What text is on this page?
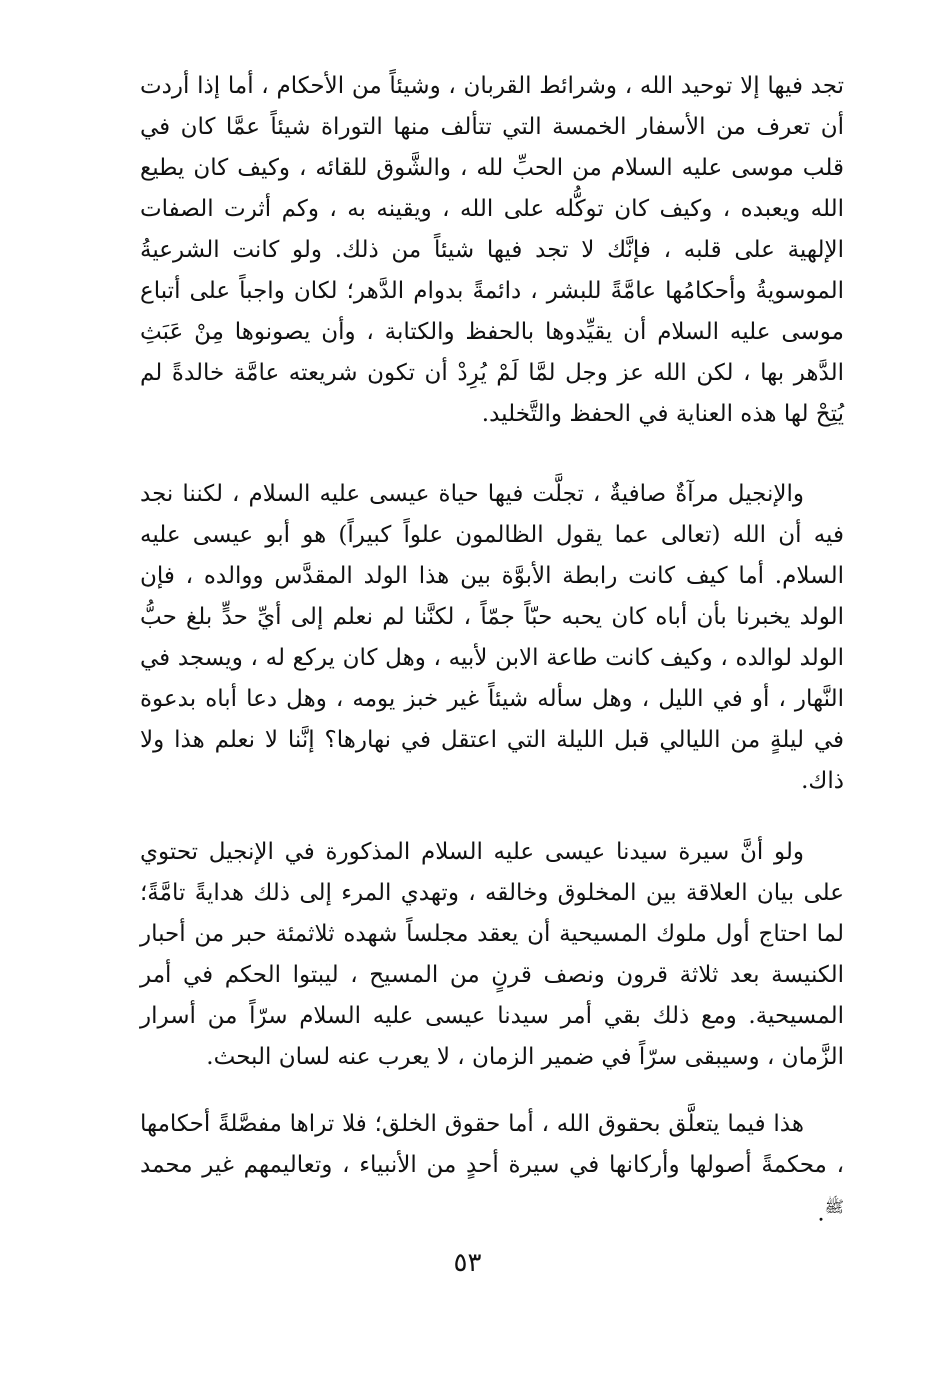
تجد فيها إلا توحيد الله ، وشرائط القربان ، وشيئاً من الأحكام ، أما إذا أردت أن تعرف من الأسفار الخمسة التي تتألف منها التوراة شيئاً عمَّا كان في قلب موسى عليه السلام من الحبِّ لله ، والشَّوق للقائه ، وكيف كان يطيع الله ويعبده ، وكيف كان توكُّله على الله ، ويقينه به ، وكم أثرت الصفات الإلهية على قلبه ، فإنَّك لا تجد فيها شيئاً من ذلك. ولو كانت الشرعيةُ الموسويةُ وأحكامُها عامَّةً للبشر ، دائمةً بدوام الدَّهر؛ لكان واجباً على أتباع موسى عليه السلام أن يقيِّدوها بالحفظ والكتابة ، وأن يصونوها مِنْ عَبَثِ الدَّهر بها ، لكن الله عز وجل لمَّا لَمْ يُرِدْ أن تكون شريعته عامَّة خالدةً لم يُتِحْ لها هذه العناية في الحفظ والتَّخليد.

والإنجيل مرآةٌ صافيةٌ ، تجلَّت فيها حياة عيسى عليه السلام ، لكننا نجد فيه أن الله (تعالى عما يقول الظالمون علواً كبيراً) هو أبو عيسى عليه السلام. أما كيف كانت رابطة الأبوَّة بين هذا الولد المقدَّس ووالده ، فإن الولد يخبرنا بأن أباه كان يحبه حبّاً جمّاً ، لكنَّنا لم نعلم إلى أيِّ حدٍّ بلغ حبُّ الولد لوالده ، وكيف كانت طاعة الابن لأبيه ، وهل كان يركع له ، ويسجد في النَّهار ، أو في الليل ، وهل سأله شيئاً غير خبز يومه ، وهل دعا أباه بدعوة في ليلةٍ من الليالي قبل الليلة التي اعتقل في نهارها؟ إنَّنا لا نعلم هذا ولا ذاك.

ولو أنَّ سيرة سيدنا عيسى عليه السلام المذكورة في الإنجيل تحتوي على بيان العلاقة بين المخلوق وخالقه ، وتهدي المرء إلى ذلك هدايةً تامَّةً؛ لما احتاج أول ملوك المسيحية أن يعقد مجلساً شهده ثلاثمئة حبر من أحبار الكنيسة بعد ثلاثة قرون ونصف قرنٍ من المسيح ، ليبتوا الحكم في أمر المسيحية. ومع ذلك بقي أمر سيدنا عيسى عليه السلام سرّاً من أسرار الزَّمان ، وسيبقى سرّاً في ضمير الزمان ، لا يعرب عنه لسان البحث.

هذا فيما يتعلَّق بحقوق الله ، أما حقوق الخلق؛ فلا تراها مفصَّلةً أحكامها ، محكمةً أصولها وأركانها في سيرة أحدٍ من الأنبياء ، وتعاليمهم غير محمد $^ﷺ$.

٥٣
